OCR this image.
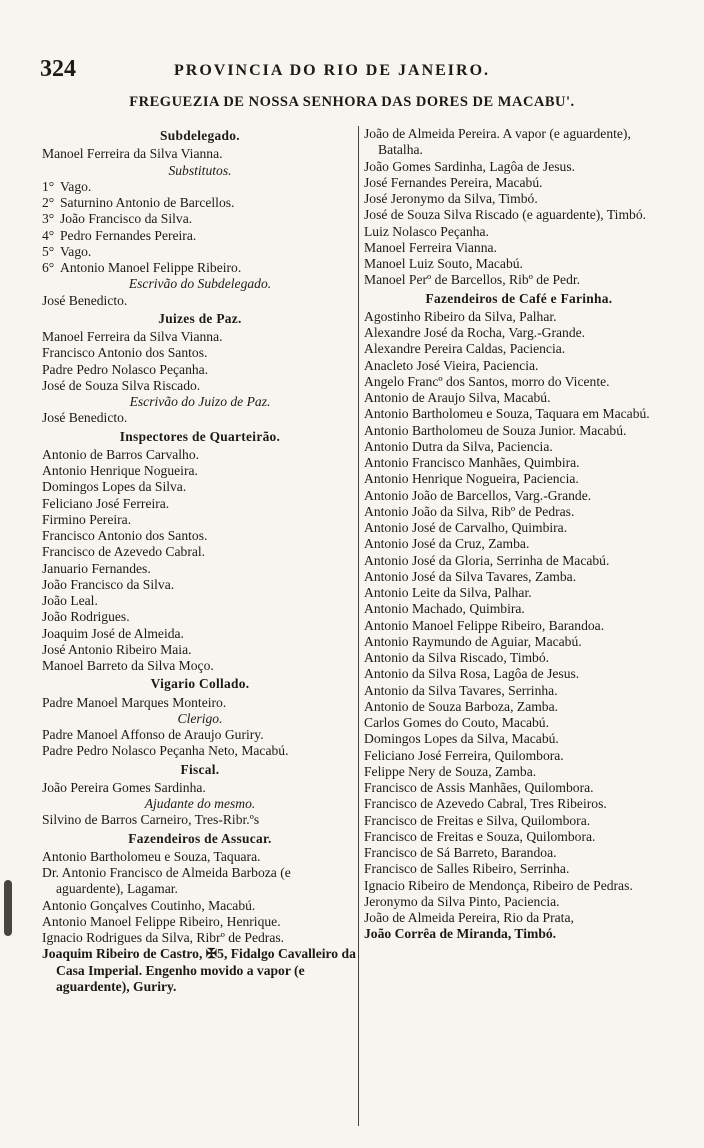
324	PROVINCIA DO RIO DE JANEIRO.
FREGUEZIA DE NOSSA SENHORA DAS DORES DE MACABU'.
Subdelegado.
Manoel Ferreira da Silva Vianna.
Substitutos.
1° Vago.
2° Saturnino Antonio de Barcellos.
3° João Francisco da Silva.
4° Pedro Fernandes Pereira.
5° Vago.
6° Antonio Manoel Felippe Ribeiro.
Escrivão do Subdelegado.
José Benedicto.
Juizes de Paz.
Manoel Ferreira da Silva Vianna.
Francisco Antonio dos Santos.
Padre Pedro Nolasco Peçanha.
José de Souza Silva Riscado.
Escrivão do Juizo de Paz.
José Benedicto.
Inspectores de Quarteirão.
Antonio de Barros Carvalho.
Antonio Henrique Nogueira.
Domingos Lopes da Silva.
Feliciano José Ferreira.
Firmino Pereira.
Francisco Antonio dos Santos.
Francisco de Azevedo Cabral.
Januario Fernandes.
João Francisco da Silva.
João Leal.
João Rodrigues.
Joaquim José de Almeida.
José Antonio Ribeiro Maia.
Manoel Barreto da Silva Moço.
Vigario Collado.
Padre Manoel Marques Monteiro.
Clerigo.
Padre Manoel Affonso de Araujo Guriry.
Padre Pedro Nolasco Peçanha Neto, Macabú.
Fiscal.
João Pereira Gomes Sardinha.
Ajudante do mesmo.
Silvino de Barros Carneiro, Tres-Ribr.ºs
Fazendeiros de Assucar.
Antonio Bartholomeu e Souza, Taquara.
Dr. Antonio Francisco de Almeida Barboza (e aguardente), Lagamar.
Antonio Gonçalves Coutinho, Macabú.
Antonio Manoel Felippe Ribeiro, Henrique.
Ignacio Rodrigues da Silva, Ribrº de Pedras.
Joaquim Ribeiro de Castro, ✠5, Fidalgo Cavalleiro da Casa Imperial. Engenho movido a vapor (e aguardente), Guriry.
João de Almeida Pereira. A vapor (e aguardente), Batalha.
João Gomes Sardinha, Lagôa de Jesus.
José Fernandes Pereira, Macabú.
José Jeronymo da Silva, Timbó.
José de Souza Silva Riscado (e aguardente), Timbó.
Luiz Nolasco Peçanha.
Manoel Ferreira Vianna.
Manoel Luiz Souto, Macabú.
Manoel Perº de Barcellos, Ribº de Pedr.
Fazendeiros de Café e Farinha.
Agostinho Ribeiro da Silva, Palhar.
Alexandre José da Rocha, Varg.-Grande.
Alexandre Pereira Caldas, Paciencia.
Anacleto José Vieira, Paciencia.
Angelo Francº dos Santos, morro do Vicente.
Antonio de Araujo Silva, Macabú.
Antonio Bartholomeu e Souza, Taquara em Macabú.
Antonio Bartholomeu de Souza Junior. Macabú.
Antonio Dutra da Silva, Paciencia.
Antonio Francisco Manhães, Quimbira.
Antonio Henrique Nogueira, Paciencia.
Antonio João de Barcellos, Varg.-Grande.
Antonio João da Silva, Ribº de Pedras.
Antonio José de Carvalho, Quimbira.
Antonio José da Cruz, Zamba.
Antonio José da Gloria, Serrinha de Macabú.
Antonio José da Silva Tavares, Zamba.
Antonio Leite da Silva, Palhar.
Antonio Machado, Quimbira.
Antonio Manoel Felippe Ribeiro, Barandoa.
Antonio Raymundo de Aguiar, Macabú.
Antonio da Silva Riscado, Timbó.
Antonio da Silva Rosa, Lagôa de Jesus.
Antonio da Silva Tavares, Serrinha.
Antonio de Souza Barboza, Zamba.
Carlos Gomes do Couto, Macabú.
Domingos Lopes da Silva, Macabú.
Feliciano José Ferreira, Quilombora.
Felippe Nery de Souza, Zamba.
Francisco de Assis Manhães, Quilombora.
Francisco de Azevedo Cabral, Tres Ribeiros.
Francisco de Freitas e Silva, Quilombora.
Francisco de Freitas e Souza, Quilombora.
Francisco de Sá Barreto, Barandoa.
Francisco de Salles Ribeiro, Serrinha.
Ignacio Ribeiro de Mendonça, Ribeiro de Pedras.
Jeronymo da Silva Pinto, Paciencia.
João de Almeida Pereira, Rio da Prata,
João Corrêa de Miranda, Timbó.
